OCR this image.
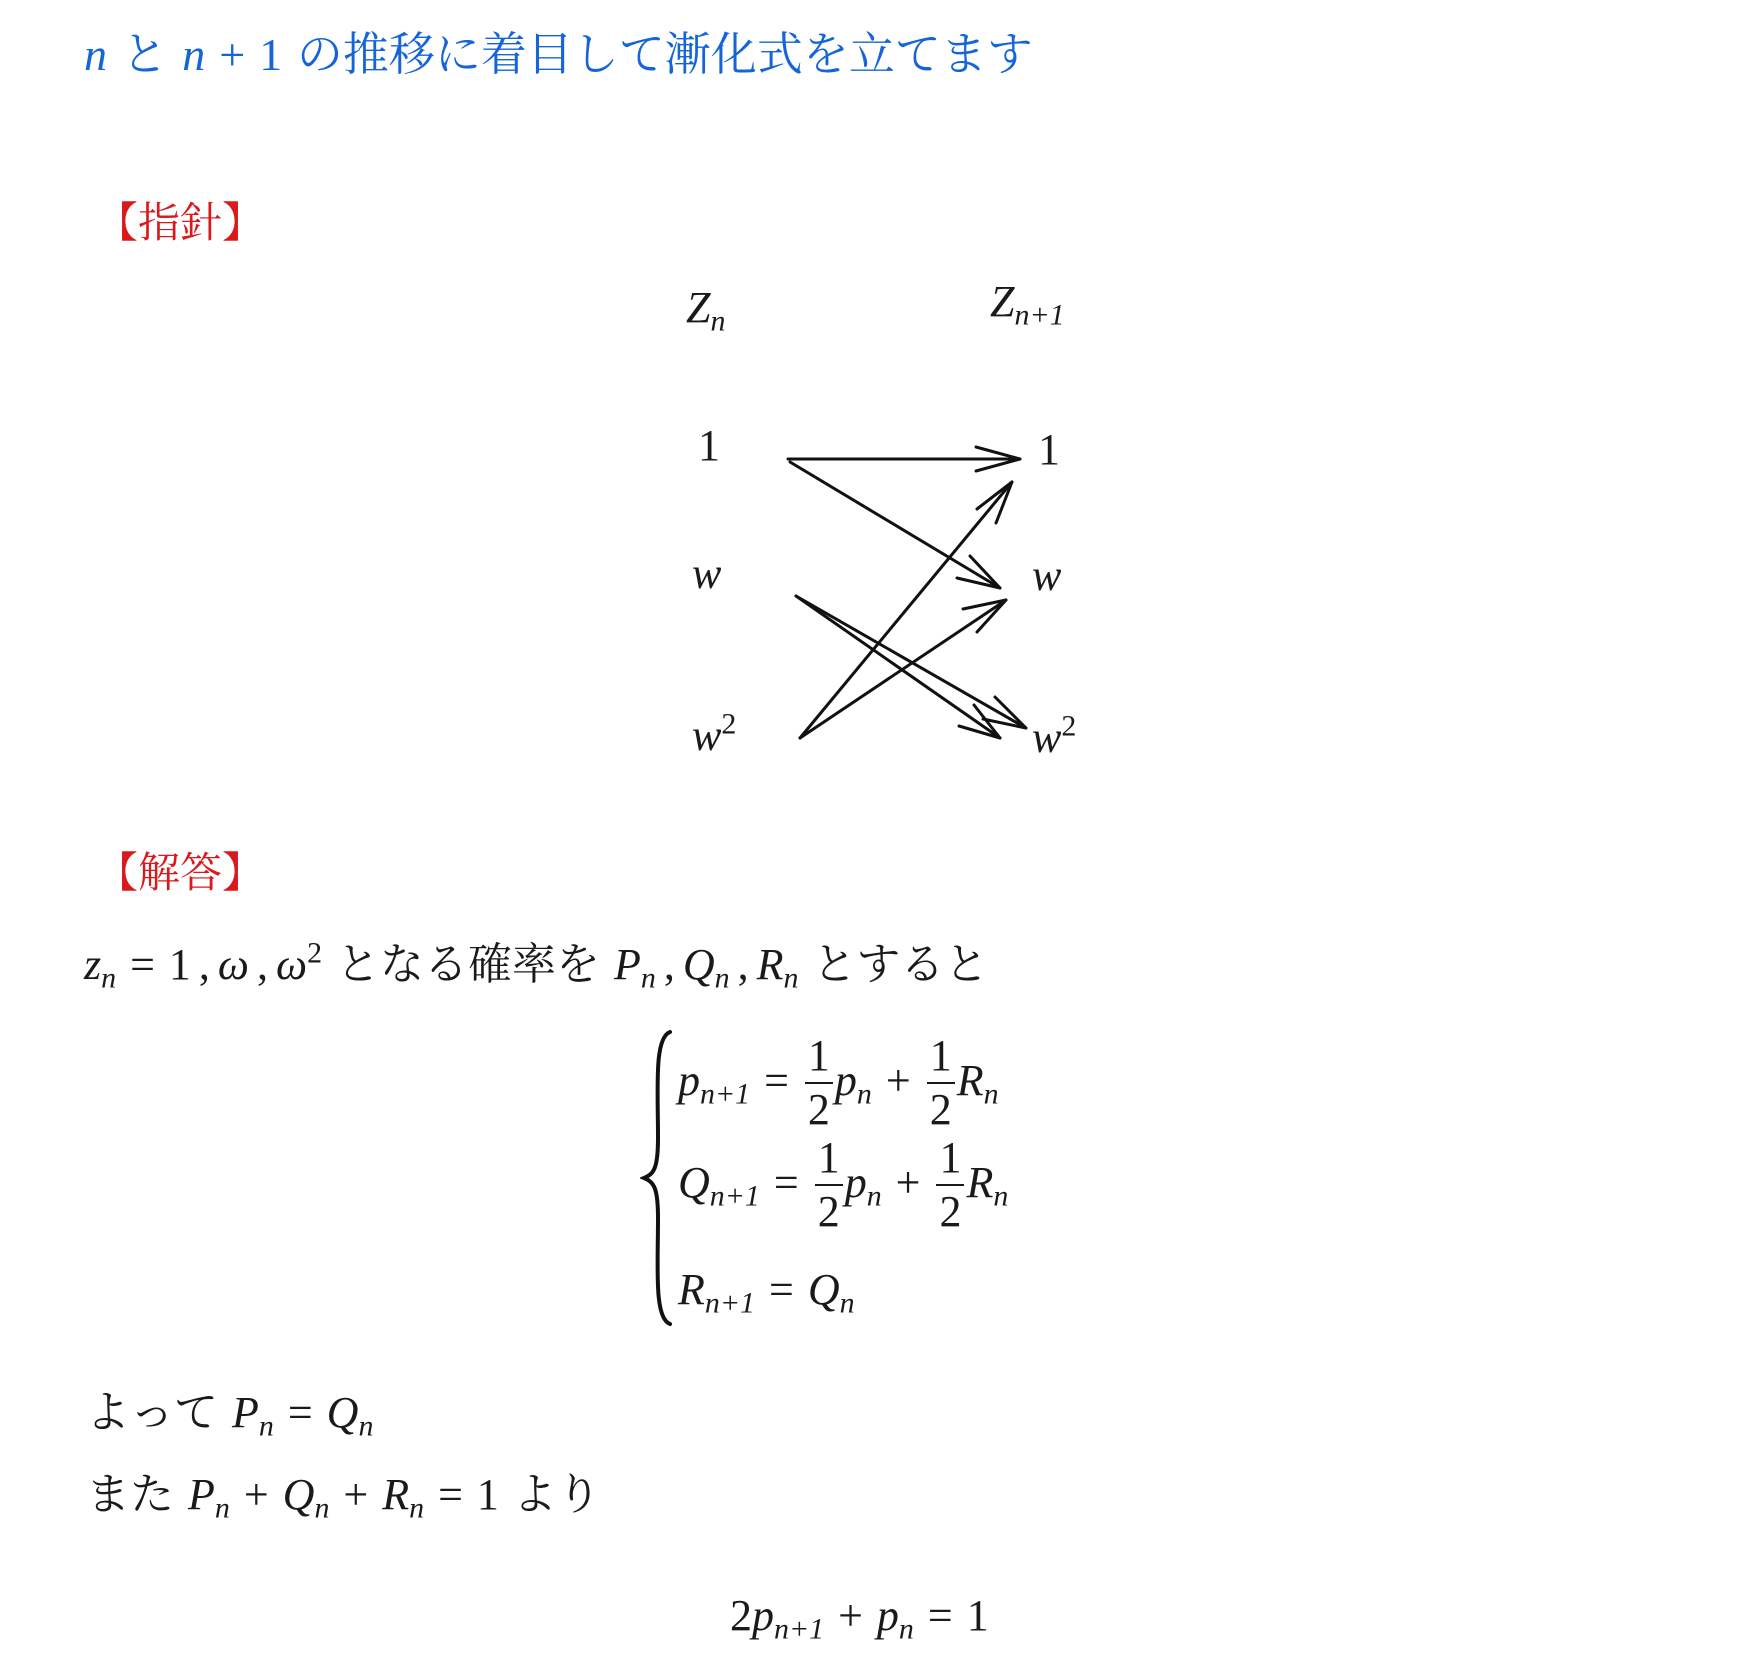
n と n + 1 の推移に着目して漸化式を立てます
【指針】
$Z_n$	$Z_{n+1}$
1
w
$w^2$
1
w
$w^2$
【解答】
$z_n = 1$ , ω , $\omega^2$ となる確率を $P_n$ , $Q_n$ , $R_n$ とすると
$p_{n+1} = \frac{1}{2} p_n + \frac{1}{2} R_n$
$Q_{n+1} = \frac{1}{2} p_n + \frac{1}{2} R_n$
$R_{n+1} = Q_n$
よって $P_n = Q_n$
また $P_n + Q_n + R_n = 1$ より
$2p_{n+1} + p_n = 1$
